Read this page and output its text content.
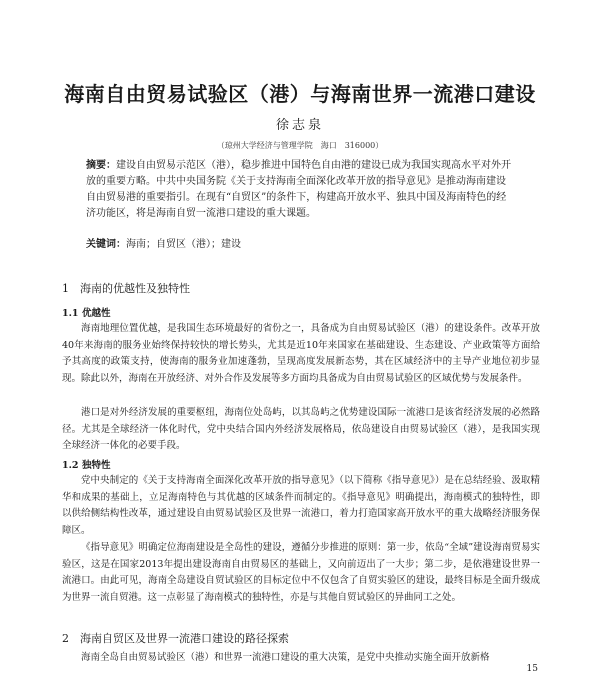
海南自由贸易试验区（港）与海南世界一流港口建设
徐志泉
（琼州大学经济与管理学院　海口　316000）
摘要：建设自由贸易示范区（港），稳步推进中国特色自由港的建设已成为我国实现高水平对外开放的重要方略。中共中央国务院《关于支持海南全面深化改革开放的指导意见》是推动海南建设自由贸易港的重要指引。在现有“自贸区”的条件下，构建高开放水平、独具中国及海南特色的经济功能区，将是海南自贸一流港口建设的重大课题。
关键词：海南；自贸区（港）；建设
1 海南的优越性及独特性
1.1 优越性
海南地理位置优越，是我国生态环境最好的省份之一，具备成为自由贸易试验区（港）的建设条件。改革开放40年来海南的服务业始终保持较快的增长势头，尤其是近10年来国家在基础建设、生态建设、产业政策等方面给予其高度的政策支持，使海南的服务业加速蓬勃，呈现高度发展新态势，其在区域经济中的主导产业地位初步显现。除此以外，海南在开放经济、对外合作及发展等多方面均具备成为自由贸易试验区的区域优势与发展条件。
港口是对外经济发展的重要枢纽，海南位处岛屿，以其岛屿之优势建设国际一流港口是该省经济发展的必然路径。尤其是全球经济一体化时代，党中央结合国内外经济发展格局，依岛建设自由贸易试验区（港），是我国实现全球经济一体化的必要手段。
1.2 独特性
党中央制定的《关于支持海南全面深化改革开放的指导意见》（以下简称《指导意见》）是在总结经验、汲取精华和成果的基础上，立足海南特色与其优越的区域条件而制定的。《指导意见》明确提出，海南模式的独特性，即以供给侧结构性改革，通过建设自由贸易试验区及世界一流港口，着力打造国家高开放水平的重大战略经济服务保障区。
《指导意见》明确定位海南建设是全岛性的建设，遵循分步推进的原则：第一步，依岛“全域”建设海南贸易实验区，这是在国家2013年提出建设海南自由贸易区的基础上，又向前迈出了一大步；第二步，是依港建设世界一流港口。由此可见，海南全岛建设自贸试验区的目标定位中不仅包含了自贸实验区的建设，最终目标是全面升级成为世界一流自贸港。这一点彰显了海南模式的独特性，亦是与其他自贸试验区的异曲同工之处。
2 海南自贸区及世界一流港口建设的路径探索
海南全岛自由贸易试验区（港）和世界一流港口建设的重大决策，是党中央推动实施全面开放新格
15
